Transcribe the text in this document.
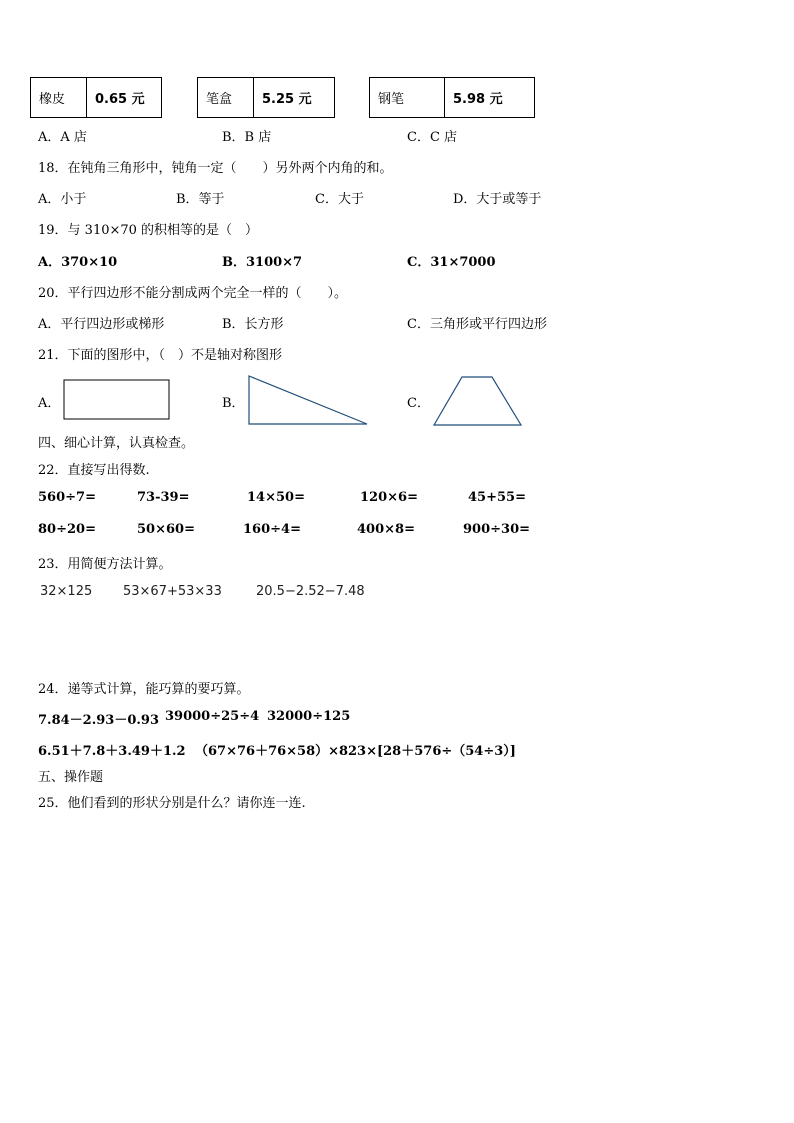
橡皮	0.65 元	笔盒	5.25 元	钢笔	5.98 元
A．A 店	B．B 店	C．C 店
18．在钝角三角形中，钝角一定（　　）另外两个内角的和。
A．小于	B．等于	C．大于	D．大于或等于
19．与 310×70 的积相等的是（　）
A．370×10	B．3100×7	C．31×7000
20．平行四边形不能分割成两个完全一样的（　　）。
A．平行四边形或梯形	B．长方形	C．三角形或平行四边形
21．下面的图形中，（　）不是轴对称图形
A．	B．	C．
四、细心计算，认真检查。
22．直接写出得数.
560÷7=	73-39=	14×50=	120×6=	45+55=
80÷20=	50×60=	160÷4=	400×8=	900÷30=
23．用简便方法计算。
32×125 53×67+53×33	20.5−2.52−7.48
24．递等式计算，能巧算的要巧算。
7.84－2.93－0.93 39000÷25÷4 32000÷125
6.51＋7.8＋3.49＋1.2 （67×76＋76×58）×8 23×[28＋576÷（54÷3）]
五、操作题
25．他们看到的形状分别是什么？请你连一连.
